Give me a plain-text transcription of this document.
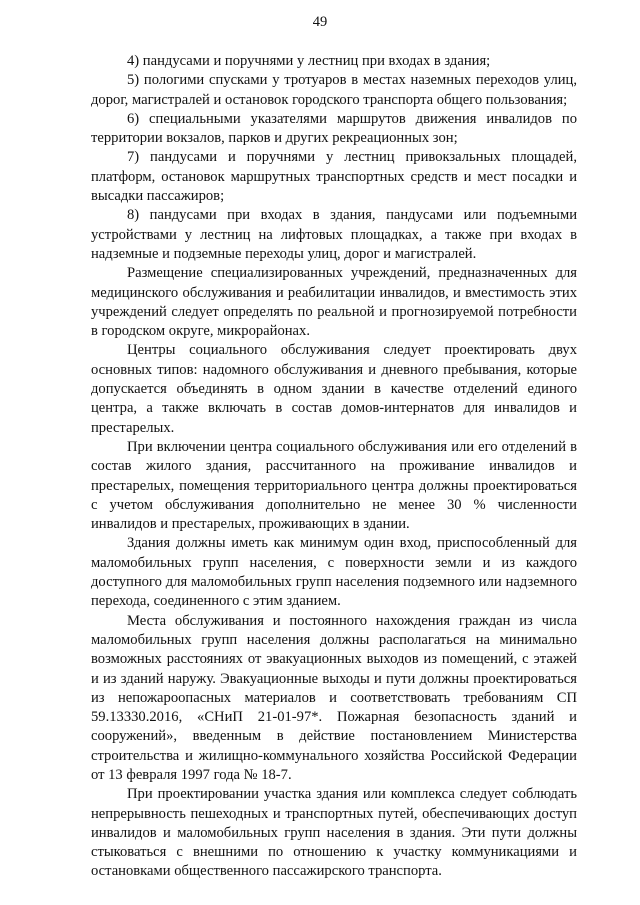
49

4) пандусами и поручнями у лестниц при входах в здания;

5) пологими спусками у тротуаров в местах наземных переходов улиц, дорог, магистралей и остановок городского транспорта общего пользования;

6) специальными указателями маршрутов движения инвалидов по территории вокзалов, парков и других рекреационных зон;

7) пандусами и поручнями у лестниц привокзальных площадей, платформ, остановок маршрутных транспортных средств и мест посадки и высадки пассажиров;

8) пандусами при входах в здания, пандусами или подъемными устройствами у лестниц на лифтовых площадках, а также при входах в надземные и подземные переходы улиц, дорог и магистралей.

Размещение специализированных учреждений, предназначенных для медицинского обслуживания и реабилитации инвалидов, и вместимость этих учреждений следует определять по реальной и прогнозируемой потребности в городском округе, микрорайонах.

Центры социального обслуживания следует проектировать двух основных типов: надомного обслуживания и дневного пребывания, которые допускается объединять в одном здании в качестве отделений единого центра, а также включать в состав домов-интернатов для инвалидов и престарелых.

При включении центра социального обслуживания или его отделений в состав жилого здания, рассчитанного на проживание инвалидов и престарелых, помещения территориального центра должны проектироваться с учетом обслуживания дополнительно не менее 30 % численности инвалидов и престарелых, проживающих в здании.

Здания должны иметь как минимум один вход, приспособленный для маломобильных групп населения, с поверхности земли и из каждого доступного для маломобильных групп населения подземного или надземного перехода, соединенного с этим зданием.

Места обслуживания и постоянного нахождения граждан из числа маломобильных групп населения должны располагаться на минимально возможных расстояниях от эвакуационных выходов из помещений, с этажей и из зданий наружу. Эвакуационные выходы и пути должны проектироваться из непожароопасных материалов и соответствовать требованиям СП 59.13330.2016, «СНиП 21-01-97*. Пожарная безопасность зданий и сооружений», введенным в действие постановлением Министерства строительства и жилищно-коммунального хозяйства Российской Федерации от 13 февраля 1997 года № 18-7.

При проектировании участка здания или комплекса следует соблюдать непрерывность пешеходных и транспортных путей, обеспечивающих доступ инвалидов и маломобильных групп населения в здания. Эти пути должны стыковаться с внешними по отношению к участку коммуникациями и остановками общественного пассажирского транспорта.
